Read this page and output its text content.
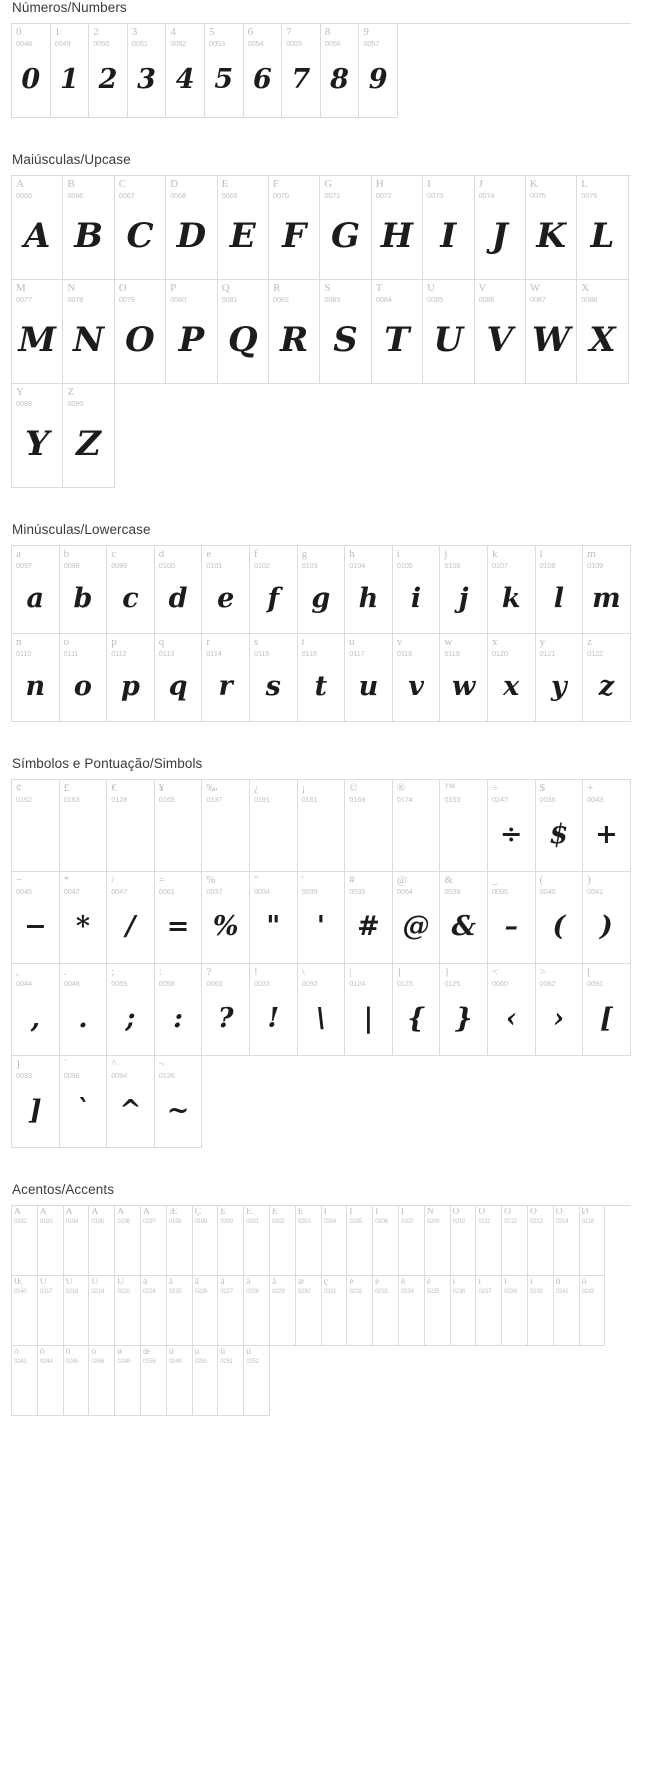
Números/Numbers
0
0048
0
1
0049
1
2
0050
2
3
0051
3
4
0052
4
5
0053
5
6
0054
6
7
0055
7
8
0056
8
9
0057
9
Maiúsculas/Upcase
A
0065
A
B
0066
B
C
0067
C
D
0068
D
E
0069
E
F
0070
F
G
0071
G
H
0072
H
I
0073
I
J
0074
J
K
0075
K
L
0076
L
M
0077
M
N
0078
N
O
0079
O
P
0080
P
Q
0081
Q
R
0082
R
S
0083
S
T
0084
T
U
0085
U
V
0086
V
W
0087
W
X
0088
X
Y
0089
Y
Z
0090
Z
Minúsculas/Lowercase
a
0097
a
b
0098
b
c
0099
c
d
0100
d
e
0101
e
f
0102
f
g
0103
g
h
0104
h
i
0105
i
j
0106
j
k
0107
k
l
0108
l
m
0109
m
n
0110
n
o
0111
o
p
0112
p
q
0113
q
r
0114
r
s
0115
s
t
0116
t
u
0117
u
v
0118
v
w
0119
w
x
0120
x
y
0121
y
z
0122
z
Símbolos e Pontuação/Simbols
¢
0162
£
0163
€
0128
¥
0165
‰
0137
¿
0191
¡
0161
©
0169
®
0174
™
0153
÷
0247
÷
$
0036
$
+
0043
+
−
0045
−
*
0042
*
/
0047
/
=
0061
=
%
0037
%
"
0034
"
'
0039
'
#
0035
#
@
0064
@
&
0038
&
_
0095
–
(
0040
(
)
0041
)
,
0044
,
.
0046
.
;
0059
;
:
0058
:
?
0063
?
!
0033
!
\
0092
\
|
0124
|
{
0123
{
}
0125
}
<
0060
‹
>
0062
›
[
0091
[
]
0093
]
`
0096
`
^
0094
^
~
0126
~
Acentos/Accents
À
0192
Á
0193
Â
0194
Ã
0195
Ä
0196
Å
0197
Æ
0198
Ç
0199
È
0200
É
0201
Ê
0202
Ë
0203
Ì
0204
Í
0205
Î
0206
Ï
0207
Ñ
0209
Ò
0210
Ó
0211
Ô
0212
Õ
0213
Ö
0214
Ø
0216
Œ
0140
Ù
0217
Ú
0218
Û
0219
Ü
0220
à
0224
á
0225
â
0226
ã
0227
ä
0228
å
0229
æ
0230
ç
0231
è
0232
é
0233
ê
0234
ë
0235
ì
0236
í
0237
î
0238
ï
0239
ñ
0241
ò
0242
ó
0243
ô
0244
õ
0245
ö
0246
ø
0248
œ
0156
ù
0249
ú
0250
û
0251
ü
0252
